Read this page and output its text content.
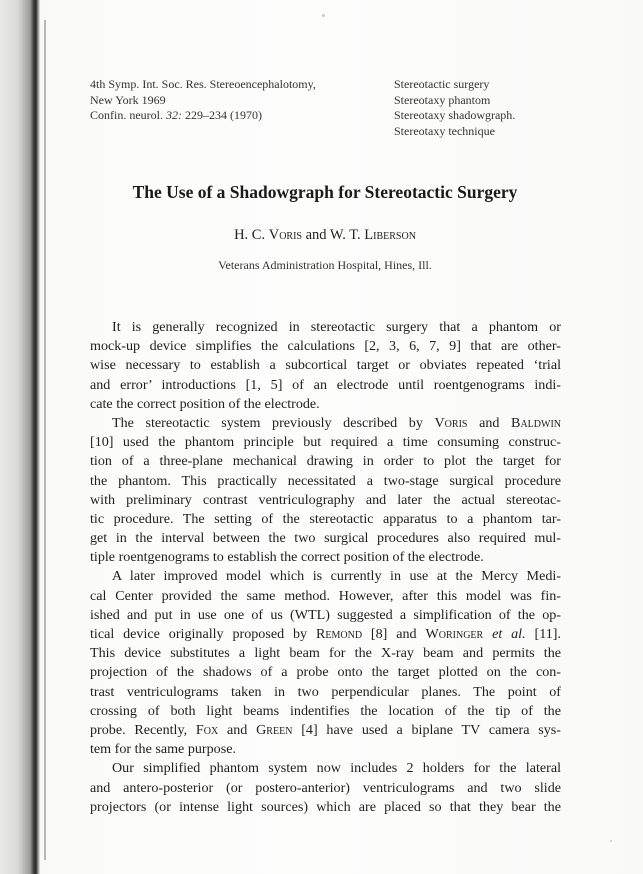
4th Symp. Int. Soc. Res. Stereoencephalotomy,
New York 1969
Confin. neurol. 32: 229–234 (1970)
Stereotactic surgery
Stereotaxy phantom
Stereotaxy shadowgraph.
Stereotaxy technique
The Use of a Shadowgraph for Stereotactic Surgery
H. C. Voris and W. T. Liberson
Veterans Administration Hospital, Hines, Ill.
It is generally recognized in stereotactic surgery that a phantom or
mock-up device simplifies the calculations [2, 3, 6, 7, 9] that are other-
wise necessary to establish a subcortical target or obviates repeated ‘trial
and error’ introductions [1, 5] of an electrode until roentgenograms indi-
cate the correct position of the electrode.
The stereotactic system previously described by Voris and Baldwin
[10] used the phantom principle but required a time consuming construc-
tion of a three-plane mechanical drawing in order to plot the target for
the phantom. This practically necessitated a two-stage surgical procedure
with preliminary contrast ventriculography and later the actual stereotac-
tic procedure. The setting of the stereotactic apparatus to a phantom tar-
get in the interval between the two surgical procedures also required mul-
tiple roentgenograms to establish the correct position of the electrode.
A later improved model which is currently in use at the Mercy Medi-
cal Center provided the same method. However, after this model was fin-
ished and put in use one of us (WTL) suggested a simplification of the op-
tical device originally proposed by Remond [8] and Woringer et al. [11].
This device substitutes a light beam for the X-ray beam and permits the
projection of the shadows of a probe onto the target plotted on the con-
trast ventriculograms taken in two perpendicular planes. The point of
crossing of both light beams indentifies the location of the tip of the
probe. Recently, Fox and Green [4] have used a biplane TV camera sys-
tem for the same purpose.
Our simplified phantom system now includes 2 holders for the lateral
and antero-posterior (or postero-anterior) ventriculograms and two slide
projectors (or intense light sources) which are placed so that they bear the
